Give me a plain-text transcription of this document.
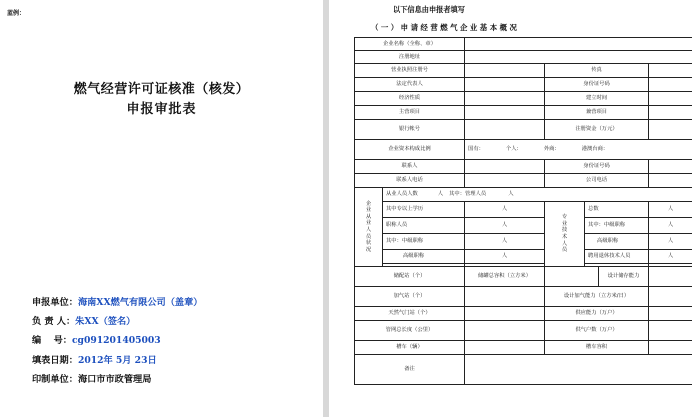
蓝例：
燃气经营许可证核准（核发）
申报审批表
申报单位：海南XX燃气有限公司（盖章）
负 责 人：朱XX（签名）
编　 号：cg091201405003
填表日期：2012年 5月 23日
印制单位：海口市市政管理局
以下信息由申报者填写
（一）申请经营燃气企业基本概况
企业名称（全称、章）						
注册地址						
营业执照注册号			传真			
法定代表人			身份证号码			
经济性质			建立时间			
主营项目			兼营项目			
银行帐号			注册资金（万元）			
企业资本构成比例		国有： 个人： 外商： 港澳台商：				
联系人			身份证号码			
联系人电话			公司电话			
企业从业人员状况	从业人员人数 人 其中：管理人员 人					
	其中专以上学历	人	专业技术人员	总数		人
	职称人员	人		其中：中级职称		人
	其中：中级职称	人		高级职称		人
	高级职称	人		聘用退休技术人员		人

储配站（个）		储罐总容积（立方米）			设计储存能力	
加气站（个）			设计加气能力（立方米/日）			
天然气门站（个）			供应能力（万户）			
管网总长度（公里）			供气户数（万户）			
槽车（辆）			槽车容积			
备注						
